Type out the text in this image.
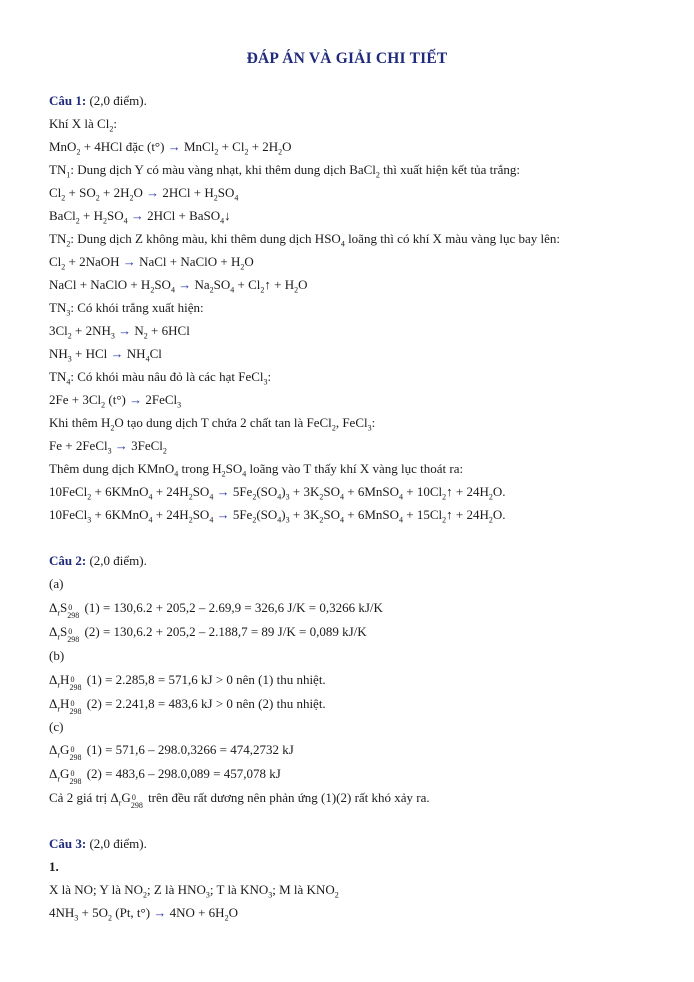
ĐÁP ÁN VÀ GIẢI CHI TIẾT
Câu 1: (2,0 điểm).
Khí X là $Cl_2$:
MnO$_2$ + 4HCl đặc (t°) → MnCl$_2$ + $Cl_2 + 2H_2O$
$TN_1$: Dung dịch Y có màu vàng nhạt, khi thêm dung dịch BaCl$_2$ thì xuất hiện kết tủa trắng:
$Cl_2 + SO_2 + 2H_2O \to 2HCl + H_2SO_4$
BaCl$_2$ + $H_2SO_4 \to 2HCl$ + BaSO$_4$↓
$TN_2$: Dung dịch Z không màu, khi thêm dung dịch $HSO_4$ loãng thì có khí X màu vàng lục bay lên:
$Cl_2$ + 2NaOH → NaCl + NaClO + $H_2O$
NaCl + NaClO + $H_2SO_4 \to Na_2SO_4$ + $Cl_2↑ + H_2O$
$TN_3$: Có khói trắng xuất hiện:
$3Cl_2 + 2NH_3 \to N_2 + 6HCl$
$NH_3$ + HCl → $NH_4Cl$
$TN_4$: Có khói màu nâu đỏ là các hạt FeCl$_3$:
$2Fe + 3Cl_2$ (t°) → 2FeCl$_3$
Khi thêm $H_2O$ tạo dung dịch T chứa 2 chất tan là FeCl$_2$, FeCl$_3$:
Fe + 2FeCl$_3$ → 3FeCl$_2$
Thêm dung dịch KMnO$_4$ trong $H_2SO_4$ loãng vào T thấy khí X vàng lục thoát ra:
10FeCl$_2$ + 6KMnO$_4$ + $24H_2SO_4 \to 5Fe_2(SO_4)_3 + 3K_2SO_4$ + 6MnSO$_4$ + $10Cl_2↑ + 24H_2O$.
10FeCl$_3$ + 6KMnO$_4$ + $24H_2SO_4 \to 5Fe_2(SO_4)_3 + 3K_2SO_4$ + 6MnSO$_4$ + $15Cl_2↑ + 24H_2O$.
Câu 2: (2,0 điểm).
(a)
$\Delta_rS$ 0
298
(1) = 130,6.2 + 205,2 – 2.69,9 = 326,6 J/K = 0,3266 kJ/K
$\Delta_rS$ 0
298
(2) = 130,6.2 + 205,2 – 2.188,7 = 89 J/K = 0,089 kJ/K
(b)
$\Delta_rH$ 0
298
(1) = 2.285,8 = 571,6 kJ > 0 nên (1) thu nhiệt.
$\Delta_rH$ 0
298
(2) = 2.241,8 = 483,6 kJ > 0 nên (2) thu nhiệt.
(c)
$\Delta_rG$ 0
298
(1) = 571,6 – 298.0,3266 = 474,2732 kJ
$\Delta_rG$ 0
298
(2) = 483,6 – 298.0,089 = 457,078 kJ
Cả 2 giá trị $\Delta_rG$ 0
298
trên đều rất dương nên phản ứng (1)(2) rất khó xảy ra.
Câu 3: (2,0 điểm).
1.
X là NO; Y là $NO_2$; Z là $HNO_3$; T là $KNO_3$; M là $KNO_2$
$4NH_3 + 5O_2$ (Pt, $t^\circ) \to 4NO + 6H_2O$
